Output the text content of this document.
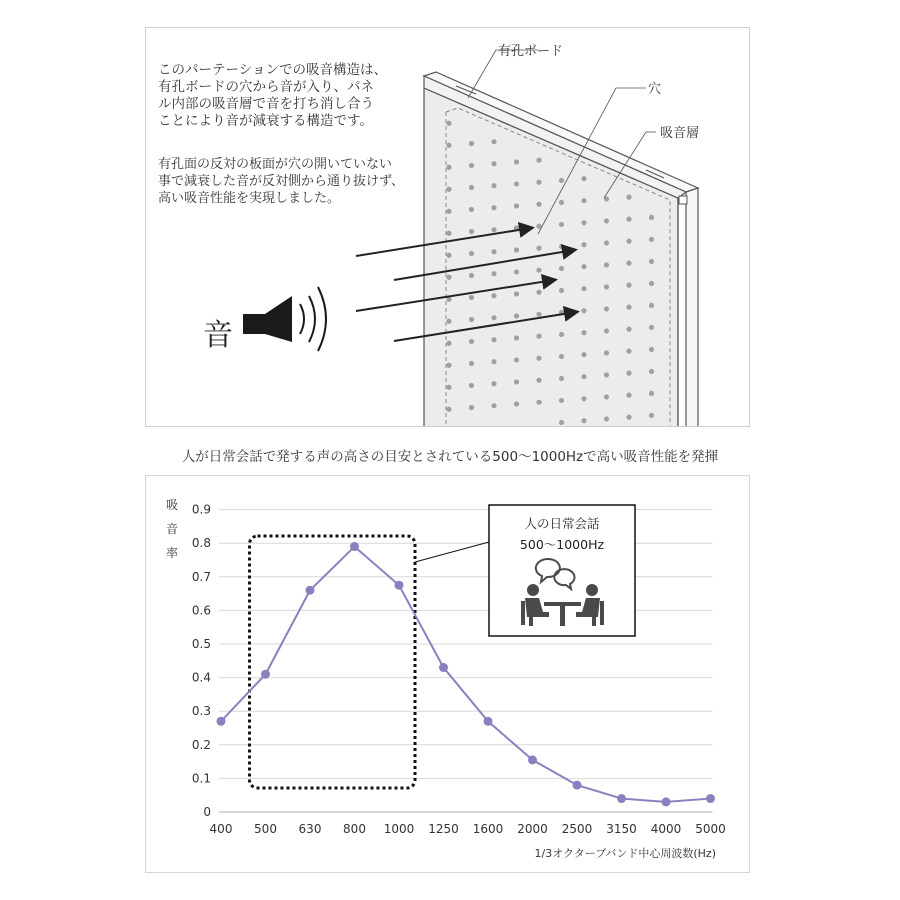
このパーテーションでの吸音構造は、
有孔ボードの穴から音が入り、パネ
ル内部の吸音層で音を打ち消し合う
ことにより音が減衰する構造です。
有孔面の反対の板面が穴の開いていない
事で減衰した音が反対側から通り抜けず、
高い吸音性能を実現しました。
有孔ボード
穴
吸音層
音
人が日常会話で発する声の高さの目安とされている500〜1000Hzで高い吸音性能を発揮
0
0.1
0.2
0.3
0.4
0.5
0.6
0.7
0.8
0.9
400 500 630 800 1000 1250 1600 2000 2500 3150 4000 5000
人の日常会話
500〜1000Hz
吸
音
率
1/3オクターブバンド中心周波数(Hz)
